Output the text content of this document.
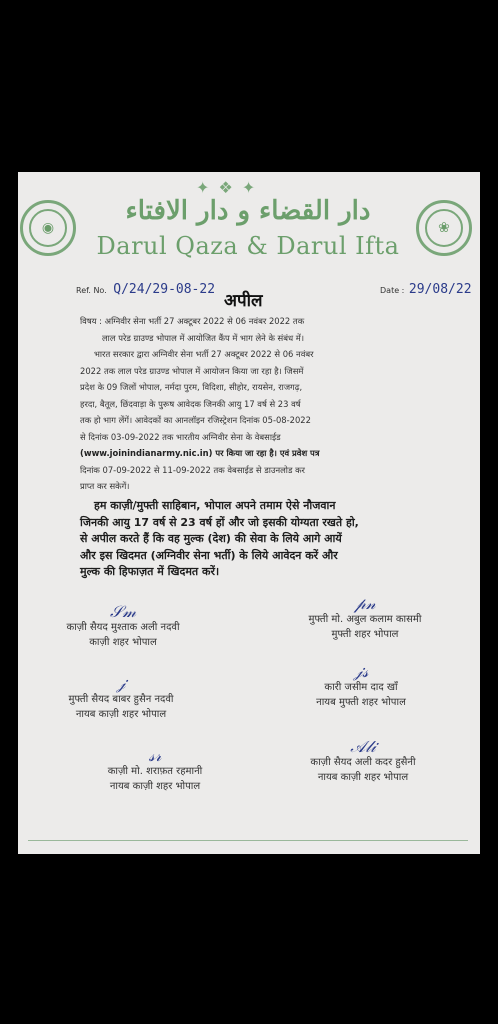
✦ ❖ ✦
◉	❀
دار القضاء و دار الافتاء
Darul Qaza & Darul Ifta
Ref. No. Q/24/29-08-22
अपील
Date : 29/08/22

विषय : अग्निवीर सेना भर्ती 27 अक्टूबर 2022 से 06 नवंबर 2022 तक

लाल परेड ग्राउण्ड भोपाल में आयोजित कैंप में भाग लेने के संबंध में।

भारत सरकार द्वारा अग्निवीर सेना भर्ती 27 अक्टूबर 2022 से 06 नवंबर

2022 तक लाल परेड ग्राउण्ड भोपाल में आयोजन किया जा रहा है। जिसमें

प्रदेश के 09 जिलों भोपाल, नर्मदा पुरम, विदिशा, सीहोर, रायसेन, राजगढ़,

हरदा, बैतूल, छिंदवाड़ा के पुरूष आवेदक जिनकी आयु 17 वर्ष से 23 वर्ष

तक हो भाग लेंगें। आवेदकों का आनलॉइन रजिस्ट्रेशन दिनांक 05-08-2022

से दिनांक 03-09-2022 तक भारतीय अग्निवीर सेना के वेबसाईड

(www.joinindianarmy.nic.in) पर किया जा रहा है। एवं प्रवेश पत्र

दिनांक 07-09-2022 से 11-09-2022 तक वेबसाईड से डाउनलोड कर

प्राप्त कर सकेगें।

हम काज़ी/मुफ्ती साहिबान, भोपाल अपने तमाम ऐसे नौजवान
जिनकी आयु 17 वर्ष से 23 वर्ष हों और जो इसकी योग्यता रखते हो,
से अपील करते हैं कि वह मुल्क (देश) की सेवा के लिये आगे आयें
और इस खिदमत (अग्निवीर सेना भर्ती) के लिये आवेदन करें और
मुल्क की हिफाज़त में खिदमत करें।
𝒮𝓂
काज़ी सैयद मुश्ताक अली नदवी
काज़ी शहर भोपाल
𝓅𝓃
मुफ्ती मो. अबुल कलाम कासमी
मुफ्ती शहर भोपाल
𝒿
मुफ्ती सैयद बाबर हुसैन नदवी
नायब काज़ी शहर भोपाल
𝒿𝓈
कारी जसीम दाद खाँ
नायब मुफ्ती शहर भोपाल
𝓈𝓇
काज़ी मो. शराफ़त रहमानी
नायब काज़ी शहर भोपाल
𝒜𝓁𝒾
काज़ी सैयद अली कदर हुसैनी
नायब काज़ी शहर भोपाल
